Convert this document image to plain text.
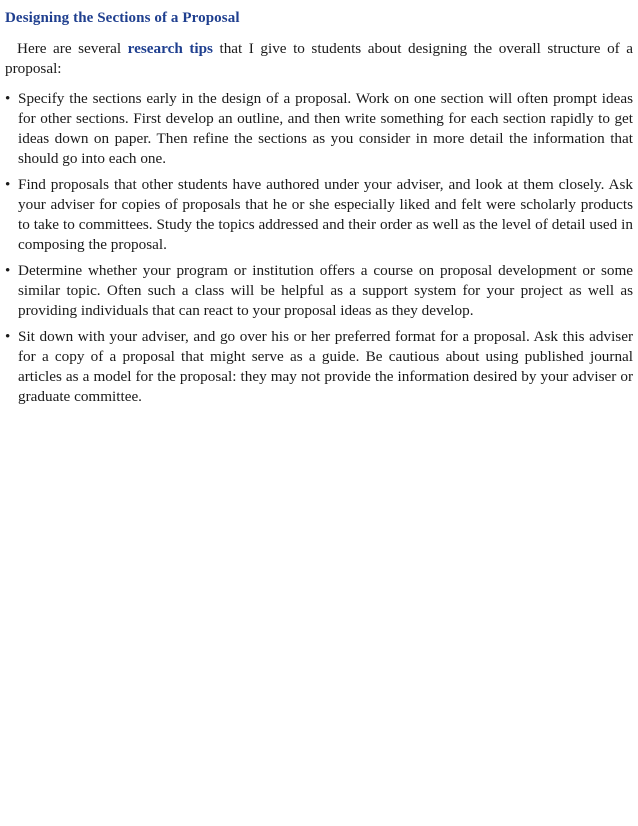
Designing the Sections of a Proposal

Here are several research tips that I give to students about designing the overall structure of a proposal:

• Specify the sections early in the design of a proposal. Work on one section will often prompt ideas for other sections. First develop an outline, and then write something for each section rapidly to get ideas down on paper. Then refine the sections as you consider in more detail the information that should go into each one.
• Find proposals that other students have authored under your adviser, and look at them closely. Ask your adviser for copies of proposals that he or she especially liked and felt were scholarly products to take to committees. Study the topics addressed and their order as well as the level of detail used in composing the proposal.
• Determine whether your program or institution offers a course on proposal development or some similar topic. Often such a class will be helpful as a support system for your project as well as providing individuals that can react to your proposal ideas as they develop.
• Sit down with your adviser, and go over his or her preferred format for a proposal. Ask this adviser for a copy of a proposal that might serve as a guide. Be cautious about using published journal articles as a model for the proposal: they may not provide the information desired by your adviser or graduate committee.
